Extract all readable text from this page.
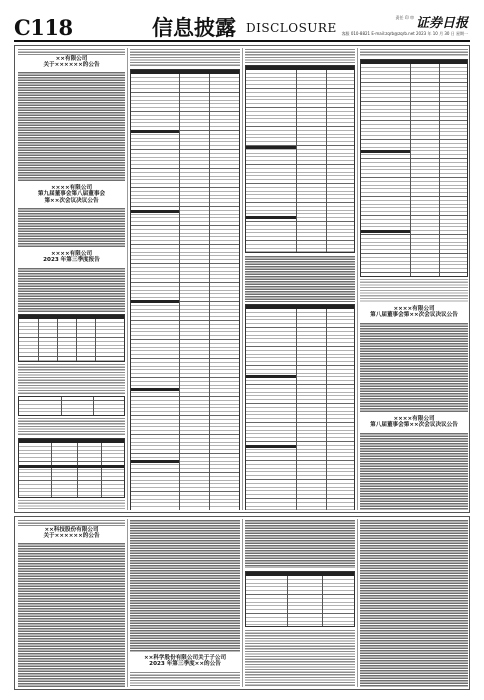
C118	信息披露 DISCLOSURE
责任 印 审 证券日报
客服 010-8821 E-mail:zqrb@zqrb.net 2023 年 10 月 30 日 星期一
××有限公司
关于××××××的公告
××××有限公司
第九届董事会第八届董事会
第××次会议决议公告
××××有限公司
2023 年第三季度报告
××××有限公司
第八届董事会第××次会议决议公告
××××有限公司
第八届董事会第××次会议决议公告
××科技股份有限公司
关于××××××的公告
××科学股份有限公司关于子公司
2023 年第三季度××的公告
